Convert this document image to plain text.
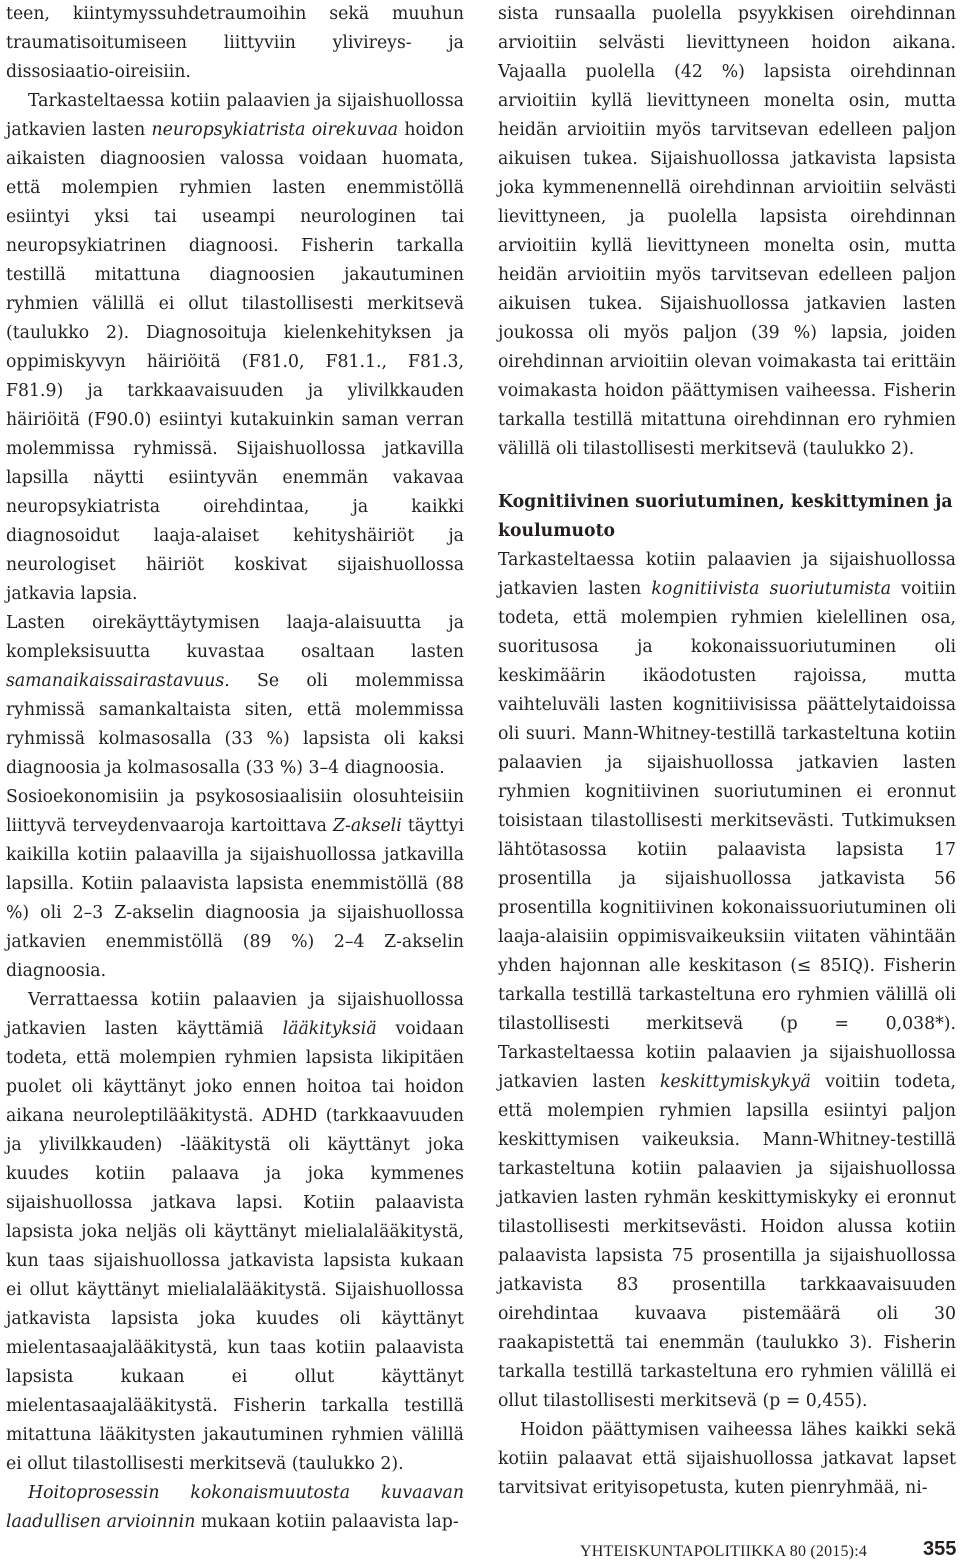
teen, kiintymyssuhdetraumoihin sekä muuhun traumatisoitumiseen liittyviin ylivireys- ja dissosiaatio-oireisiin.

Tarkasteltaessa kotiin palaavien ja sijaishuollossa jatkavien lasten neuropsykiatrista oirekuvaa hoidon aikaisten diagnoosien valossa voidaan huomata, että molempien ryhmien lasten enemmistöllä esiintyi yksi tai useampi neurologinen tai neuropsykiatrinen diagnoosi. Fisherin tarkalla testillä mitattuna diagnoosien jakautuminen ryhmien välillä ei ollut tilastollisesti merkitsevä (taulukko 2). Diagnosoituja kielenkehityksen ja oppimiskyvyn häiriöitä (F81.0, F81.1., F81.3, F81.9) ja tarkkaavaisuuden ja ylivilkkauden häiriöitä (F90.0) esiintyi kutakuinkin saman verran molemmissa ryhmissä. Sijaishuollossa jatkavilla lapsilla näytti esiintyvän enemmän vakavaa neuropsykiatrista oirehdintaa, ja kaikki diagnosoidut laaja-alaiset kehityshäiriöt ja neurologiset häiriöt koskivat sijaishuollossa jatkavia lapsia.

Lasten oirekäyttäytymisen laaja-alaisuutta ja kompleksisuutta kuvastaa osaltaan lasten samanaikaissairastavuus. Se oli molemmissa ryhmissä samankaltaista siten, että molemmissa ryhmissä kolmasosalla (33 %) lapsista oli kaksi diagnoosia ja kolmasosalla (33 %) 3–4 diagnoosia.

Sosioekonomisiin ja psykososiaalisiin olosuhteisiin liittyvä terveydenvaaroja kartoittava Z-akseli täyttyi kaikilla kotiin palaavilla ja sijaishuollossa jatkavilla lapsilla. Kotiin palaavista lapsista enemmistöllä (88 %) oli 2–3 Z-akselin diagnoosia ja sijaishuollossa jatkavien enemmistöllä (89 %) 2–4 Z-akselin diagnoosia.

Verrattaessa kotiin palaavien ja sijaishuollossa jatkavien lasten käyttämiä lääkityksiä voidaan todeta, että molempien ryhmien lapsista likipitäen puolet oli käyttänyt joko ennen hoitoa tai hoidon aikana neuroleptilääkitystä. ADHD (tarkkaavuuden ja ylivilkkauden) -lääkitystä oli käyttänyt joka kuudes kotiin palaava ja joka kymmenes sijaishuollossa jatkava lapsi. Kotiin palaavista lapsista joka neljäs oli käyttänyt mielialalääkitystä, kun taas sijaishuollossa jatkavista lapsista kukaan ei ollut käyttänyt mielialalääkitystä. Sijaishuollossa jatkavista lapsista joka kuudes oli käyttänyt mielentasaajalääkitystä, kun taas kotiin palaavista lapsista kukaan ei ollut käyttänyt mielentasaajalääkitystä. Fisherin tarkalla testillä mitattuna lääkitysten jakautuminen ryhmien välillä ei ollut tilastollisesti merkitsevä (taulukko 2).

Hoitoprosessin kokonaismuutosta kuvaavan laadullisen arvioinnin mukaan kotiin palaavista lap-

sista runsaalla puolella psyykkisen oirehdinnan arvioitiin selvästi lievittyneen hoidon aikana. Vajaalla puolella (42 %) lapsista oirehdinnan arvioitiin kyllä lievittyneen monelta osin, mutta heidän arvioitiin myös tarvitsevan edelleen paljon aikuisen tukea. Sijaishuollossa jatkavista lapsista joka kymmenennellä oirehdinnan arvioitiin selvästi lievittyneen, ja puolella lapsista oirehdinnan arvioitiin kyllä lievittyneen monelta osin, mutta heidän arvioitiin myös tarvitsevan edelleen paljon aikuisen tukea. Sijaishuollossa jatkavien lasten joukossa oli myös paljon (39 %) lapsia, joiden oirehdinnan arvioitiin olevan voimakasta tai erittäin voimakasta hoidon päättymisen vaiheessa. Fisherin tarkalla testillä mitattuna oirehdinnan ero ryhmien välillä oli tilastollisesti merkitsevä (taulukko 2).

Kognitiivinen suoriutuminen, keskittyminen ja koulumuoto

Tarkasteltaessa kotiin palaavien ja sijaishuollossa jatkavien lasten kognitiivista suoriutumista voitiin todeta, että molempien ryhmien kielellinen osa, suoritusosa ja kokonaissuoriutuminen oli keskimäärin ikäodotusten rajoissa, mutta vaihteluväli lasten kognitiivisissa päättelytaidoissa oli suuri. Mann-Whitney-testillä tarkasteltuna kotiin palaavien ja sijaishuollossa jatkavien lasten ryhmien kognitiivinen suoriutuminen ei eronnut toisistaan tilastollisesti merkitsevästi. Tutkimuksen lähtötasossa kotiin palaavista lapsista 17 prosentilla ja sijaishuollossa jatkavista 56 prosentilla kognitiivinen kokonaissuoriutuminen oli laaja-alaisiin oppimisvaikeuksiin viitaten vähintään yhden hajonnan alle keskitason (≤ 85IQ). Fisherin tarkalla testillä tarkasteltuna ero ryhmien välillä oli tilastollisesti merkitsevä (p = 0,038*). Tarkasteltaessa kotiin palaavien ja sijaishuollossa jatkavien lasten keskittymiskykyä voitiin todeta, että molempien ryhmien lapsilla esiintyi paljon keskittymisen vaikeuksia. Mann-Whitney-testillä tarkasteltuna kotiin palaavien ja sijaishuollossa jatkavien lasten ryhmän keskittymiskyky ei eronnut tilastollisesti merkitsevästi. Hoidon alussa kotiin palaavista lapsista 75 prosentilla ja sijaishuollossa jatkavista 83 prosentilla tarkkaavaisuuden oirehdintaa kuvaava pistemäärä oli 30 raakapistettä tai enemmän (taulukko 3). Fisherin tarkalla testillä tarkasteltuna ero ryhmien välillä ei ollut tilastollisesti merkitsevä (p = 0,455).

Hoidon päättymisen vaiheessa lähes kaikki sekä kotiin palaavat että sijaishuollossa jatkavat lapset tarvitsivat erityisopetusta, kuten pienryhmää, ni-

YHTEISKUNTAPOLITIIKKA 80 (2015):4	355
